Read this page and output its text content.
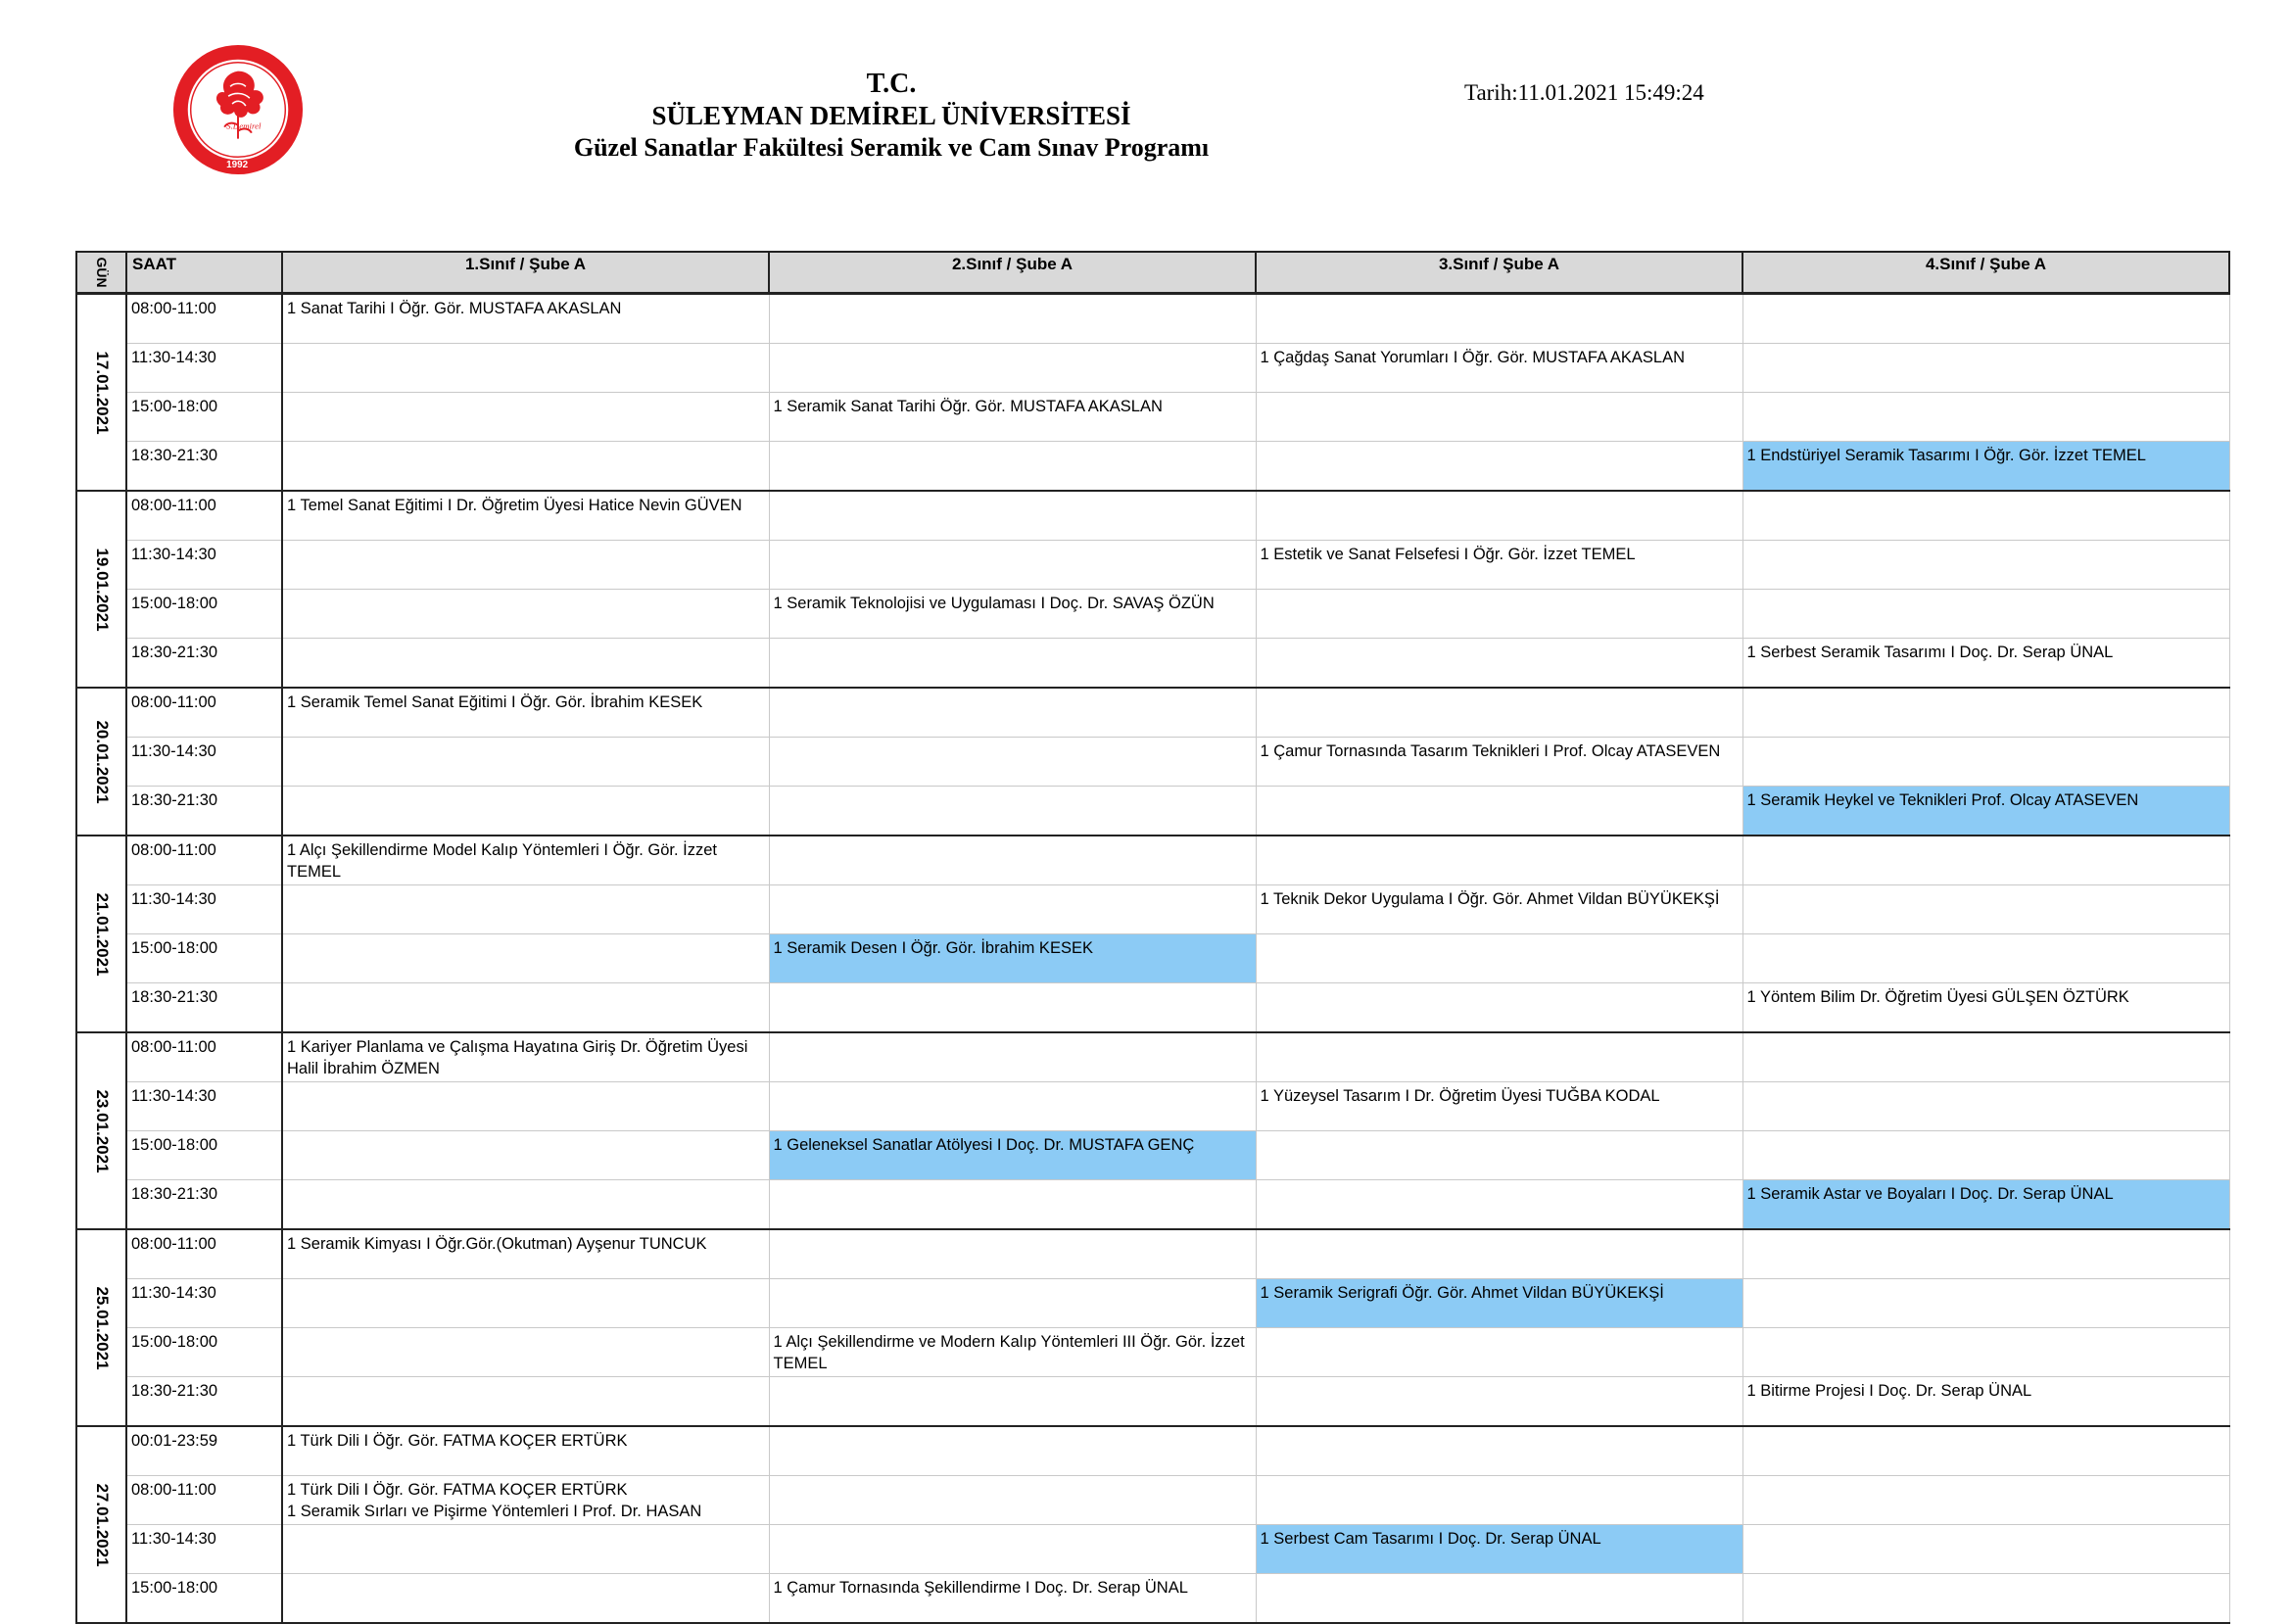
S.Demirel
1992
T.C.
SÜLEYMAN DEMİREL ÜNİVERSİTESİ
Güzel Sanatlar Fakültesi Seramik ve Cam Sınav Programı
Tarih:11.01.2021 15:49:24
GÜN	SAAT	1.Sınıf / Şube A	2.Sınıf / Şube A	3.Sınıf / Şube A	4.Sınıf / Şube A

17.01.2021	08:00-11:00	1 Sanat Tarihi I Öğr. Gör. MUSTAFA AKASLAN			
	11:30-14:30			1 Çağdaş Sanat Yorumları I Öğr. Gör. MUSTAFA AKASLAN	
	15:00-18:00		1 Seramik Sanat Tarihi Öğr. Gör. MUSTAFA AKASLAN		
	18:30-21:30				1 Endstüriyel Seramik Tasarımı I Öğr. Gör. İzzet TEMEL

19.01.2021	08:00-11:00	1 Temel Sanat Eğitimi I Dr. Öğretim Üyesi Hatice Nevin GÜVEN			
	11:30-14:30			1 Estetik ve Sanat Felsefesi I Öğr. Gör. İzzet TEMEL	
	15:00-18:00		1 Seramik Teknolojisi ve Uygulaması I Doç. Dr. SAVAŞ ÖZÜN		
	18:30-21:30				1 Serbest Seramik Tasarımı I Doç. Dr. Serap ÜNAL

20.01.2021	08:00-11:00	1 Seramik Temel Sanat Eğitimi I Öğr. Gör. İbrahim KESEK			
	11:30-14:30			1 Çamur Tornasında Tasarım Teknikleri I Prof. Olcay ATASEVEN	
	18:30-21:30				1 Seramik Heykel ve Teknikleri Prof. Olcay ATASEVEN

21.01.2021	08:00-11:00	1 Alçı Şekillendirme Model Kalıp Yöntemleri I Öğr. Gör. İzzet TEMEL			
	11:30-14:30			1 Teknik Dekor Uygulama I Öğr. Gör. Ahmet Vildan BÜYÜKEKŞİ	
	15:00-18:00		1 Seramik Desen I Öğr. Gör. İbrahim KESEK		
	18:30-21:30				1 Yöntem Bilim Dr. Öğretim Üyesi GÜLŞEN ÖZTÜRK

23.01.2021	08:00-11:00	1 Kariyer Planlama ve Çalışma Hayatına Giriş Dr. Öğretim Üyesi Halil İbrahim ÖZMEN			
	11:30-14:30			1 Yüzeysel Tasarım I Dr. Öğretim Üyesi TUĞBA KODAL	
	15:00-18:00		1 Geleneksel Sanatlar Atölyesi I Doç. Dr. MUSTAFA GENÇ		
	18:30-21:30				1 Seramik Astar ve Boyaları I Doç. Dr. Serap ÜNAL

25.01.2021	08:00-11:00	1 Seramik Kimyası I Öğr.Gör.(Okutman) Ayşenur TUNCUK			
	11:30-14:30			1 Seramik Serigrafi Öğr. Gör. Ahmet Vildan BÜYÜKEKŞİ	
	15:00-18:00		1 Alçı Şekillendirme ve Modern Kalıp Yöntemleri III Öğr. Gör. İzzet TEMEL		
	18:30-21:30				1 Bitirme Projesi I Doç. Dr. Serap ÜNAL

27.01.2021	00:01-23:59	1 Türk Dili I Öğr. Gör. FATMA KOÇER ERTÜRK			
	08:00-11:00	1 Türk Dili I Öğr. Gör. FATMA KOÇER ERTÜRK
1 Seramik Sırları ve Pişirme Yöntemleri I Prof. Dr. HASAN			
	11:30-14:30			1 Serbest Cam Tasarımı I Doç. Dr. Serap ÜNAL	
	15:00-18:00		1 Çamur Tornasında Şekillendirme I Doç. Dr. Serap ÜNAL		
